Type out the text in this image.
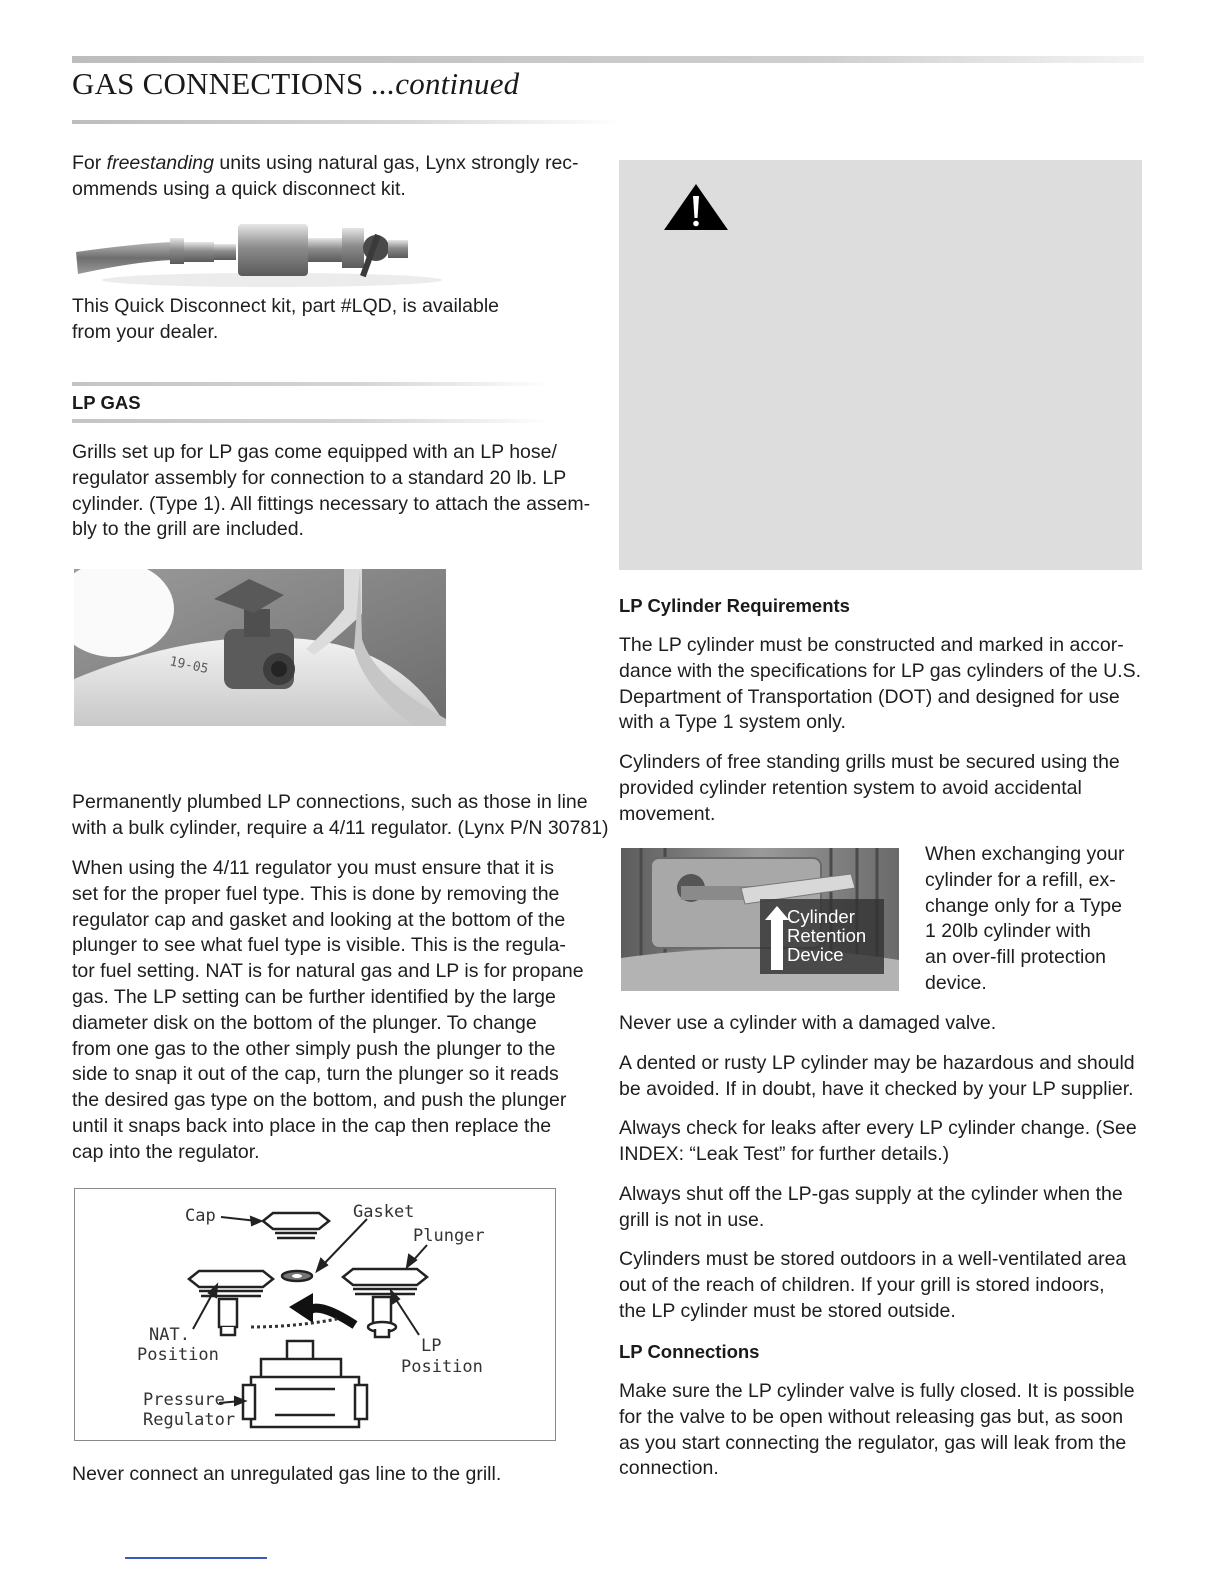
GAS CONNECTIONS ...continued
For freestanding units using natural gas, Lynx strongly rec-
ommends using a quick disconnect kit.
This Quick Disconnect kit, part #LQD, is available
from your dealer.
LP GAS
Grills set up for LP gas come equipped with an LP hose/
regulator assembly for connection to a standard 20 lb. LP
cylinder. (Type 1). All fittings necessary to attach the assem-
bly to the grill are included.
19-05
Permanently plumbed LP connections, such as those in line
with a bulk cylinder, require a 4/11 regulator. (Lynx P/N 30781)
When using the 4/11 regulator you must ensure that it is
set for the proper fuel type. This is done by removing the
regulator cap and gasket and looking at the bottom of the
plunger to see what fuel type is visible. This is the regula-
tor fuel setting. NAT is for natural gas and LP is for propane
gas. The LP setting can be further identified by the large
diameter disk on the bottom of the plunger. To change
from one gas to the other simply push the plunger to the
side to snap it out of the cap, turn the plunger so it reads
the desired gas type on the bottom, and push the plunger
until it snaps back into place in the cap then replace the
cap into the regulator.
Cap	Gasket
Plunger
NAT.
Position	LP
Position
Pressure
Regulator
Never connect an unregulated gas line to the grill.
LP Cylinder Requirements
The LP cylinder must be constructed and marked in accor-
dance with the specifications for LP gas cylinders of the U.S.
Department of Transportation (DOT) and designed for use
with a Type 1 system only.
Cylinders of free standing grills must be secured using the
provided cylinder retention system to avoid accidental
movement.
Cylinder
Retention
Device
When exchanging your
cylinder for a refill, ex-
change only for a Type
1 20lb cylinder with
an over-fill protection
device.
Never use a cylinder with a damaged valve.
A dented or rusty LP cylinder may be hazardous and should
be avoided. If in doubt, have it checked by your LP supplier.
Always check for leaks after every LP cylinder change. (See
INDEX: “Leak Test” for further details.)
Always shut off the LP-gas supply at the cylinder when the
grill is not in use.
Cylinders must be stored outdoors in a well-ventilated area
out of the reach of children. If your grill is stored indoors,
the LP cylinder must be stored outside.
LP Connections
Make sure the LP cylinder valve is fully closed. It is possible
for the valve to be open without releasing gas but, as soon
as you start connecting the regulator, gas will leak from the
connection.
